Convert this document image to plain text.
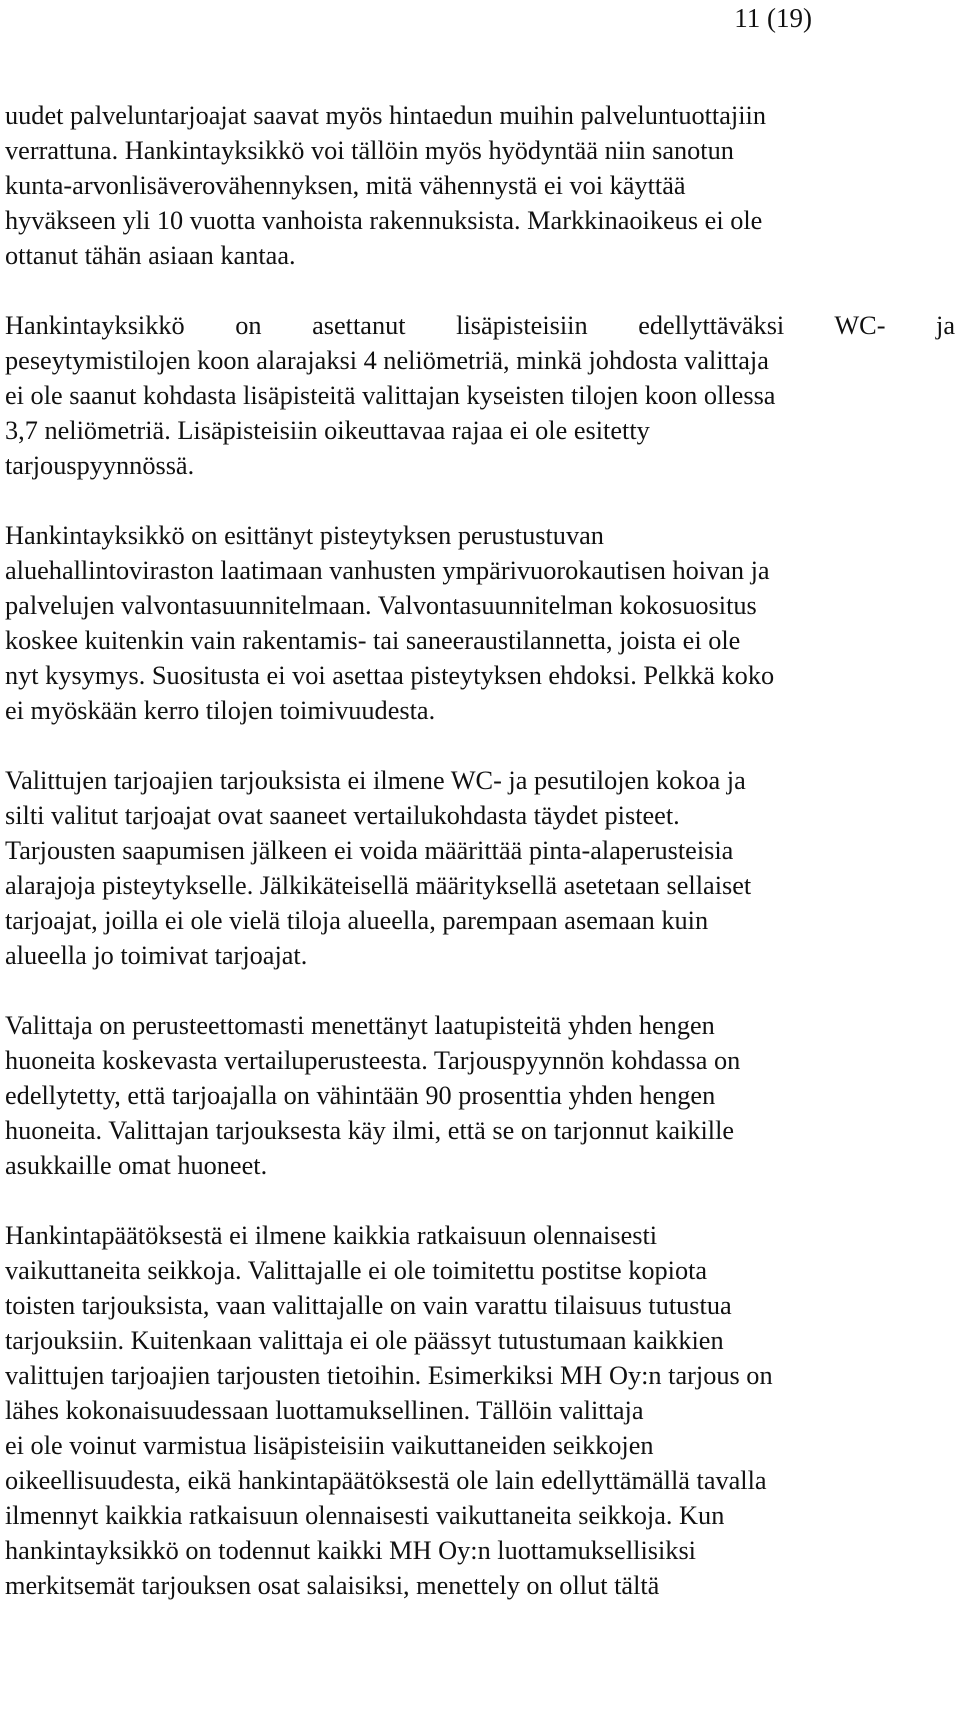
11 (19)

uudet palveluntarjoajat saavat myös hintaedun muihin palveluntuottajiin
verrattuna. Hankintayksikkö voi tällöin myös hyödyntää niin sanotun
kunta-arvonlisäverovähennyksen, mitä vähennystä ei voi käyttää
hyväkseen yli 10 vuotta vanhoista rakennuksista. Markkinaoikeus ei ole
ottanut tähän asiaan kantaa.

Hankintayksikkö on asettanut lisäpisteisiin edellyttäväksi WC- ja
peseytymistilojen koon alarajaksi 4 neliömetriä, minkä johdosta valittaja
ei ole saanut kohdasta lisäpisteitä valittajan kyseisten tilojen koon ollessa
3,7 neliömetriä. Lisäpisteisiin oikeuttavaa rajaa ei ole esitetty
tarjouspyynnössä.

Hankintayksikkö on esittänyt pisteytyksen perustustuvan
aluehallintoviraston laatimaan vanhusten ympärivuorokautisen hoivan ja
palvelujen valvontasuunnitelmaan. Valvontasuunnitelman kokosuositus
koskee kuitenkin vain rakentamis- tai saneeraustilannetta, joista ei ole
nyt kysymys. Suositusta ei voi asettaa pisteytyksen ehdoksi. Pelkkä koko
ei myöskään kerro tilojen toimivuudesta.

Valittujen tarjoajien tarjouksista ei ilmene WC- ja pesutilojen kokoa ja
silti valitut tarjoajat ovat saaneet vertailukohdasta täydet pisteet.
Tarjousten saapumisen jälkeen ei voida määrittää pinta-alaperusteisia
alarajoja pisteytykselle. Jälkikäteisellä määrityksellä asetetaan sellaiset
tarjoajat, joilla ei ole vielä tiloja alueella, parempaan asemaan kuin
alueella jo toimivat tarjoajat.

Valittaja on perusteettomasti menettänyt laatupisteitä yhden hengen
huoneita koskevasta vertailuperusteesta. Tarjouspyynnön kohdassa on
edellytetty, että tarjoajalla on vähintään 90 prosenttia yhden hengen
huoneita. Valittajan tarjouksesta käy ilmi, että se on tarjonnut kaikille
asukkaille omat huoneet.

Hankintapäätöksestä ei ilmene kaikkia ratkaisuun olennaisesti
vaikuttaneita seikkoja. Valittajalle ei ole toimitettu postitse kopiota
toisten tarjouksista, vaan valittajalle on vain varattu tilaisuus tutustua
tarjouksiin. Kuitenkaan valittaja ei ole päässyt tutustumaan kaikkien
valittujen tarjoajien tarjousten tietoihin. Esimerkiksi MH Oy:n tarjous on
lähes kokonaisuudessaan luottamuksellinen. Tällöin valittaja
ei ole voinut varmistua lisäpisteisiin vaikuttaneiden seikkojen
oikeellisuudesta, eikä hankintapäätöksestä ole lain edellyttämällä tavalla
ilmennyt kaikkia ratkaisuun olennaisesti vaikuttaneita seikkoja. Kun
hankintayksikkö on todennut kaikki MH Oy:n luottamuksellisiksi
merkitsemät tarjouksen osat salaisiksi, menettely on ollut tältä
